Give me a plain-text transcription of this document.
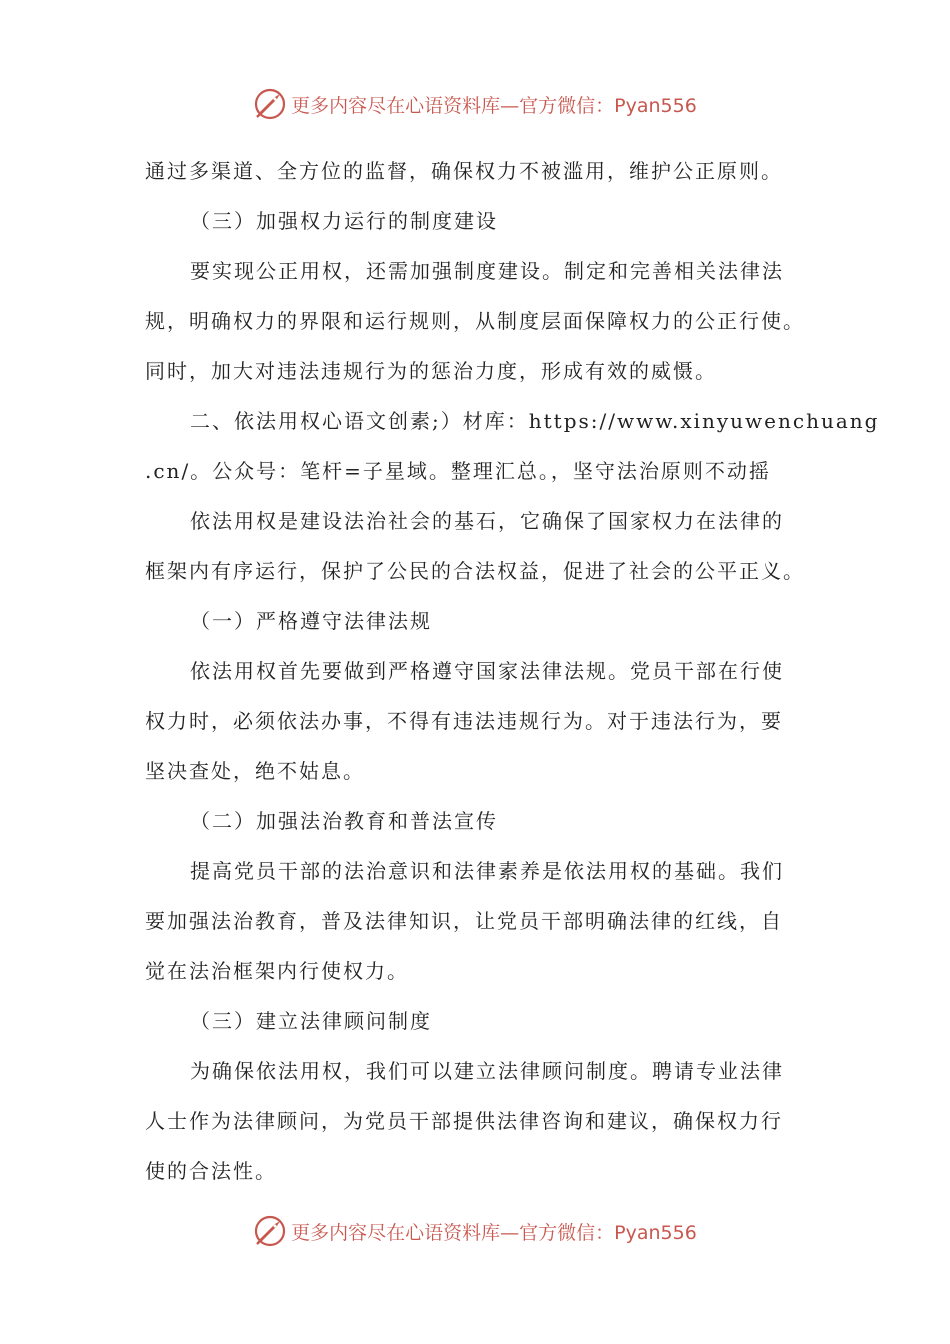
更多内容尽在心语资料库—官方微信：Pyan556
通过多渠道、全方位的监督，确保权力不被滥用，维护公正原则。
（三）加强权力运行的制度建设
要实现公正用权，还需加强制度建设。制定和完善相关法律法
规，明确权力的界限和运行规则，从制度层面保障权力的公正行使。
同时，加大对违法违规行为的惩治力度，形成有效的威慑。
二、依法用权心语文创素;）材库：https://www.xinyuwenchuang
.cn/。公众号：笔杆=子星域。整理汇总。，坚守法治原则不动摇
依法用权是建设法治社会的基石，它确保了国家权力在法律的
框架内有序运行，保护了公民的合法权益，促进了社会的公平正义。
（一）严格遵守法律法规
依法用权首先要做到严格遵守国家法律法规。党员干部在行使
权力时，必须依法办事，不得有违法违规行为。对于违法行为，要
坚决查处，绝不姑息。
（二）加强法治教育和普法宣传
提高党员干部的法治意识和法律素养是依法用权的基础。我们
要加强法治教育，普及法律知识，让党员干部明确法律的红线，自
觉在法治框架内行使权力。
（三）建立法律顾问制度
为确保依法用权，我们可以建立法律顾问制度。聘请专业法律
人士作为法律顾问，为党员干部提供法律咨询和建议，确保权力行
使的合法性。
更多内容尽在心语资料库—官方微信：Pyan556
